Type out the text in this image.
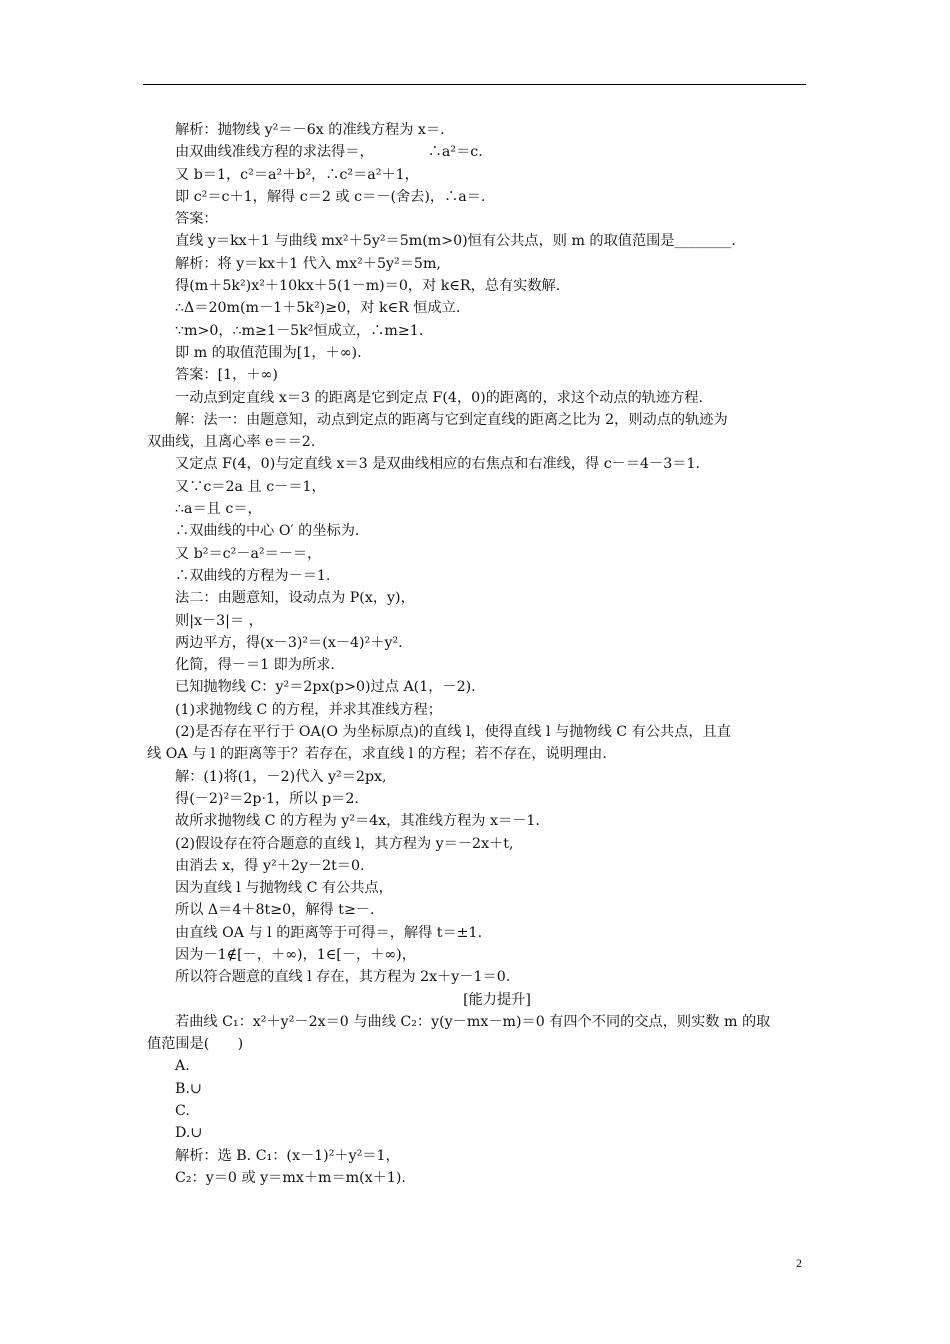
解析：抛物线 y²＝－6x 的准线方程为 x＝.
由双曲线准线方程的求法得＝，            ∴a²＝c.
又 b＝1，c²＝a²＋b²，∴c²＝a²＋1，
即 c²＝c＋1，解得 c＝2 或 c＝－(舍去)，∴a＝.
答案：
直线 y＝kx＋1 与曲线 mx²＋5y²＝5m(m>0)恒有公共点，则 m 的取值范围是________.
解析：将 y＝kx＋1 代入 mx²＋5y²＝5m,
得(m＋5k²)x²＋10kx＋5(1－m)＝0，对 k∈R，总有实数解.
∴Δ＝20m(m－1＋5k²)≥0，对 k∈R 恒成立.
∵m>0，∴m≥1－5k²恒成立，∴m≥1.
即 m 的取值范围为[1，＋∞).
答案：[1，＋∞)
一动点到定直线 x＝3 的距离是它到定点 F(4，0)的距离的，求这个动点的轨迹方程.
解：法一：由题意知，动点到定点的距离与它到定直线的距离之比为 2，则动点的轨迹为
双曲线，且离心率 e＝＝2.
又定点 F(4，0)与定直线 x＝3 是双曲线相应的右焦点和右准线，得 c－＝4－3＝1.
又∵c＝2a 且 c－＝1，
∴a＝且 c＝，
∴双曲线的中心 O′ 的坐标为.
又 b²＝c²－a²＝－＝，
∴双曲线的方程为－＝1.
法二：由题意知，设动点为 P(x，y)，
则|x－3|＝ ，
两边平方，得(x－3)²＝(x－4)²＋y².
化简，得－＝1 即为所求.
已知抛物线 C：y²＝2px(p>0)过点 A(1，－2).
(1)求抛物线 C 的方程，并求其准线方程；
(2)是否存在平行于 OA(O 为坐标原点)的直线 l，使得直线 l 与抛物线 C 有公共点，且直
线 OA 与 l 的距离等于？若存在，求直线 l 的方程；若不存在，说明理由.
解：(1)将(1，－2)代入 y²＝2px,
得(－2)²＝2p·1，所以 p＝2.
故所求抛物线 C 的方程为 y²＝4x，其准线方程为 x＝－1.
(2)假设存在符合题意的直线 l，其方程为 y＝－2x＋t,
由消去 x，得 y²＋2y－2t＝0.
因为直线 l 与抛物线 C 有公共点，
所以 Δ＝4＋8t≥0，解得 t≥－.
由直线 OA 与 l 的距离等于可得＝，解得 t＝±1.
因为－1∉[－，＋∞)，1∈[－，＋∞)，
所以符合题意的直线 l 存在，其方程为 2x＋y－1＝0.
[能力提升]
若曲线 C₁：x²＋y²－2x＝0 与曲线 C₂：y(y－mx－m)＝0 有四个不同的交点，则实数 m 的取
值范围是(　　)
A.
B.∪
C.
D.∪
解析：选 B. C₁：(x－1)²＋y²＝1，
C₂：y＝0 或 y＝mx＋m＝m(x＋1).
2
